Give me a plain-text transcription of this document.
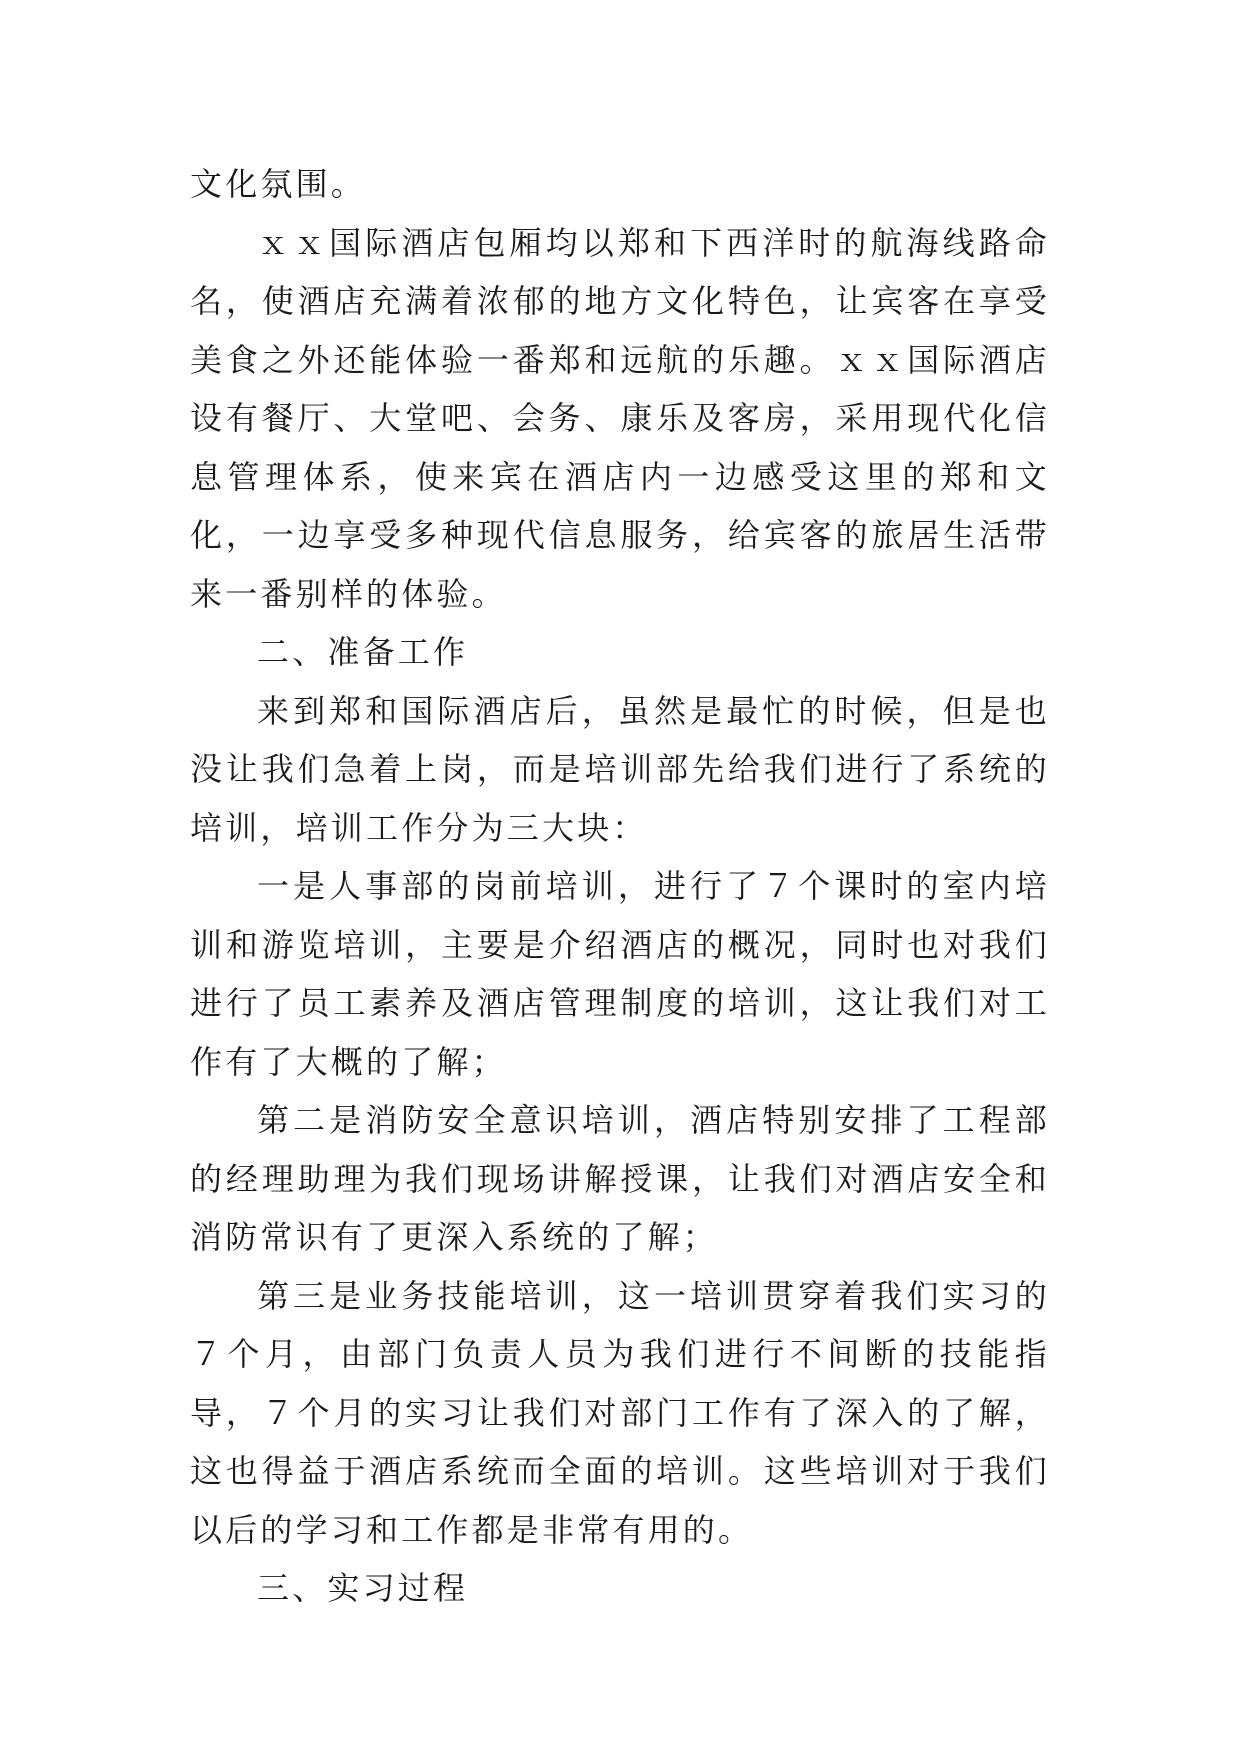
文化氛围。

ｘｘ国际酒店包厢均以郑和下西洋时的航海线路命名，使酒店充满着浓郁的地方文化特色，让宾客在享受美食之外还能体验一番郑和远航的乐趣。ｘｘ国际酒店设有餐厅、大堂吧、会务、康乐及客房，采用现代化信息管理体系，使来宾在酒店内一边感受这里的郑和文化，一边享受多种现代信息服务，给宾客的旅居生活带来一番别样的体验。

二、准备工作

来到郑和国际酒店后，虽然是最忙的时候，但是也没让我们急着上岗，而是培训部先给我们进行了系统的培训，培训工作分为三大块：

一是人事部的岗前培训，进行了７个课时的室内培训和游览培训，主要是介绍酒店的概况，同时也对我们进行了员工素养及酒店管理制度的培训，这让我们对工作有了大概的了解；

第二是消防安全意识培训，酒店特别安排了工程部的经理助理为我们现场讲解授课，让我们对酒店安全和消防常识有了更深入系统的了解；

第三是业务技能培训，这一培训贯穿着我们实习的７个月，由部门负责人员为我们进行不间断的技能指导，７个月的实习让我们对部门工作有了深入的了解，这也得益于酒店系统而全面的培训。这些培训对于我们以后的学习和工作都是非常有用的。

三、实习过程
